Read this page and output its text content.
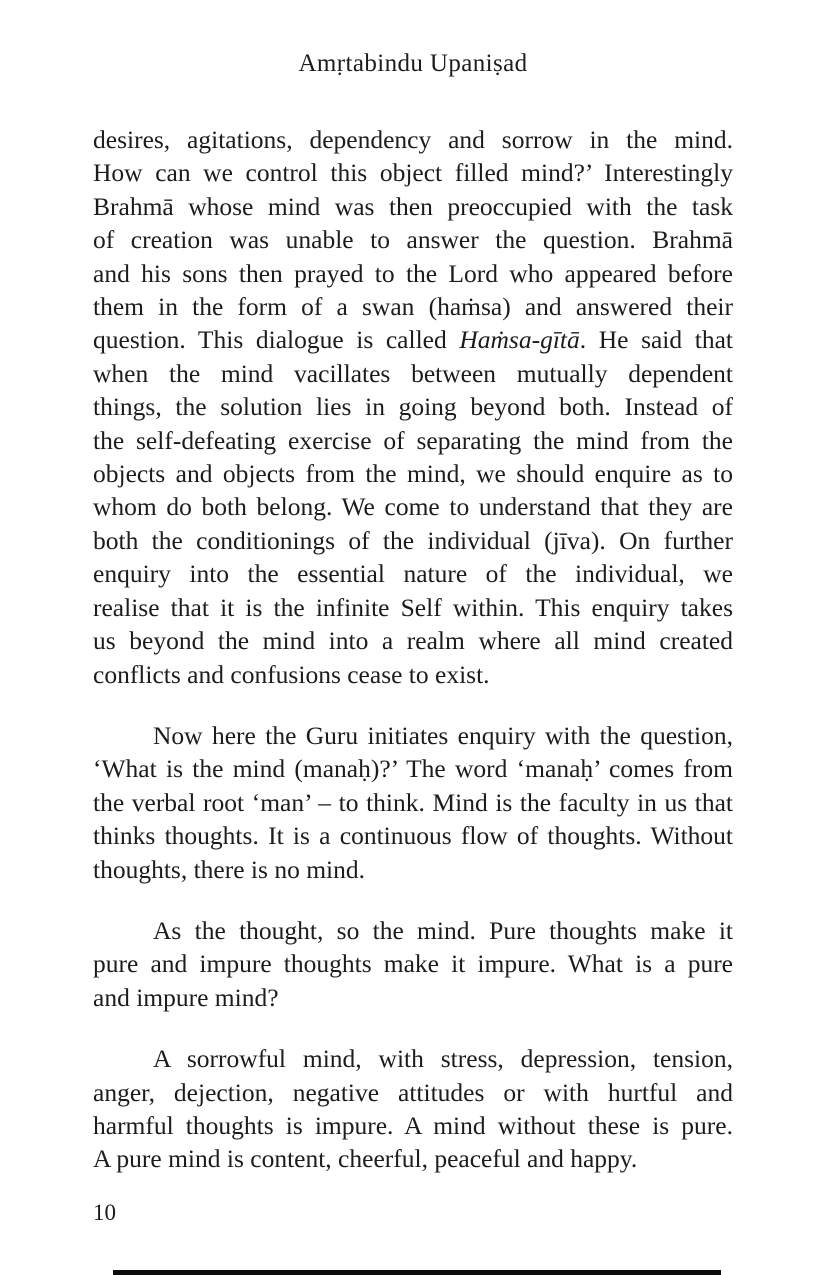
Amṛtabindu Upaniṣad
desires, agitations, dependency and sorrow in the mind.
How can we control this object filled mind?’ Interestingly
Brahmā whose mind was then preoccupied with the task
of creation was unable to answer the question. Brahmā
and his sons then prayed to the Lord who appeared before
them in the form of a swan (haṁsa) and answered their
question. This dialogue is called Haṁsa-gītā. He said that
when the mind vacillates between mutually dependent
things, the solution lies in going beyond both. Instead of
the self-defeating exercise of separating the mind from the
objects and objects from the mind, we should enquire as to
whom do both belong. We come to understand that they are
both the conditionings of the individual (jīva). On further
enquiry into the essential nature of the individual, we
realise that it is the infinite Self within. This enquiry takes
us beyond the mind into a realm where all mind created
conflicts and confusions cease to exist.
Now here the Guru initiates enquiry with the question,
‘What is the mind (manaḥ)?’ The word ‘manaḥ’ comes from
the verbal root ‘man’ – to think. Mind is the faculty in us that
thinks thoughts. It is a continuous flow of thoughts. Without
thoughts, there is no mind.
As the thought, so the mind. Pure thoughts make it
pure and impure thoughts make it impure. What is a pure
and impure mind?
A sorrowful mind, with stress, depression, tension,
anger, dejection, negative attitudes or with hurtful and
harmful thoughts is impure. A mind without these is pure.
A pure mind is content, cheerful, peaceful and happy.
10
